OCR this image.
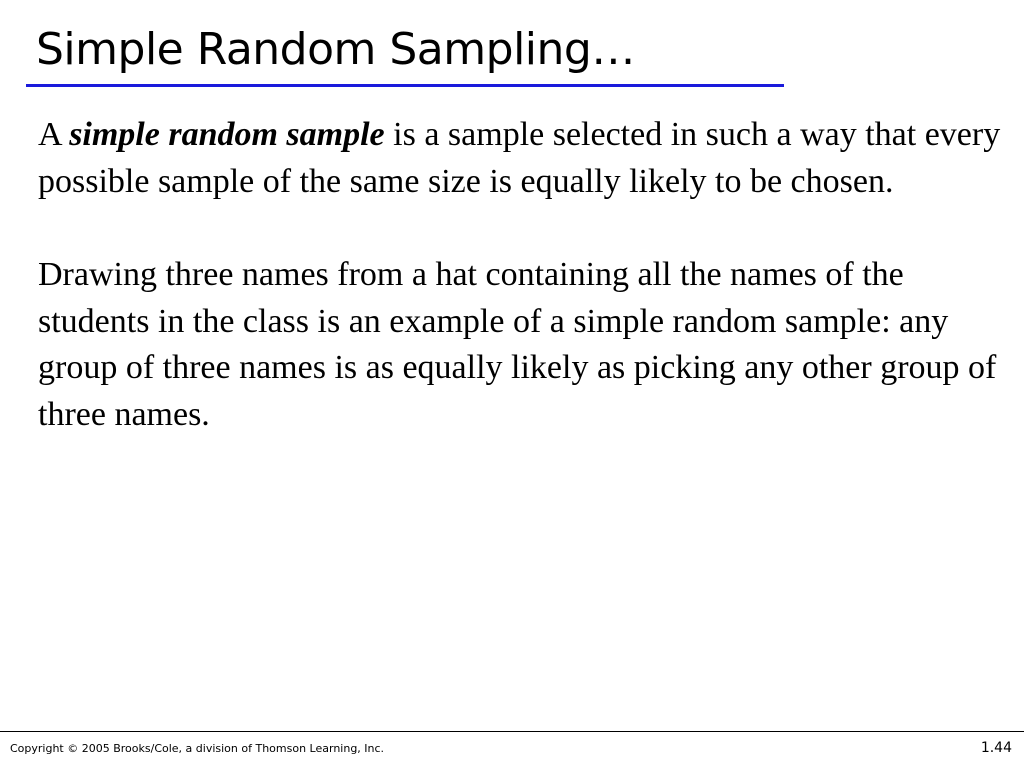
Simple Random Sampling…

A simple random sample is a sample selected in such a way that every possible sample of the same size is equally likely to be chosen.

Drawing three names from a hat containing all the names of the students in the class is an example of a simple random sample: any group of three names is as equally likely as picking any other group of three names.

Copyright © 2005 Brooks/Cole, a division of Thomson Learning, Inc.	1.44
